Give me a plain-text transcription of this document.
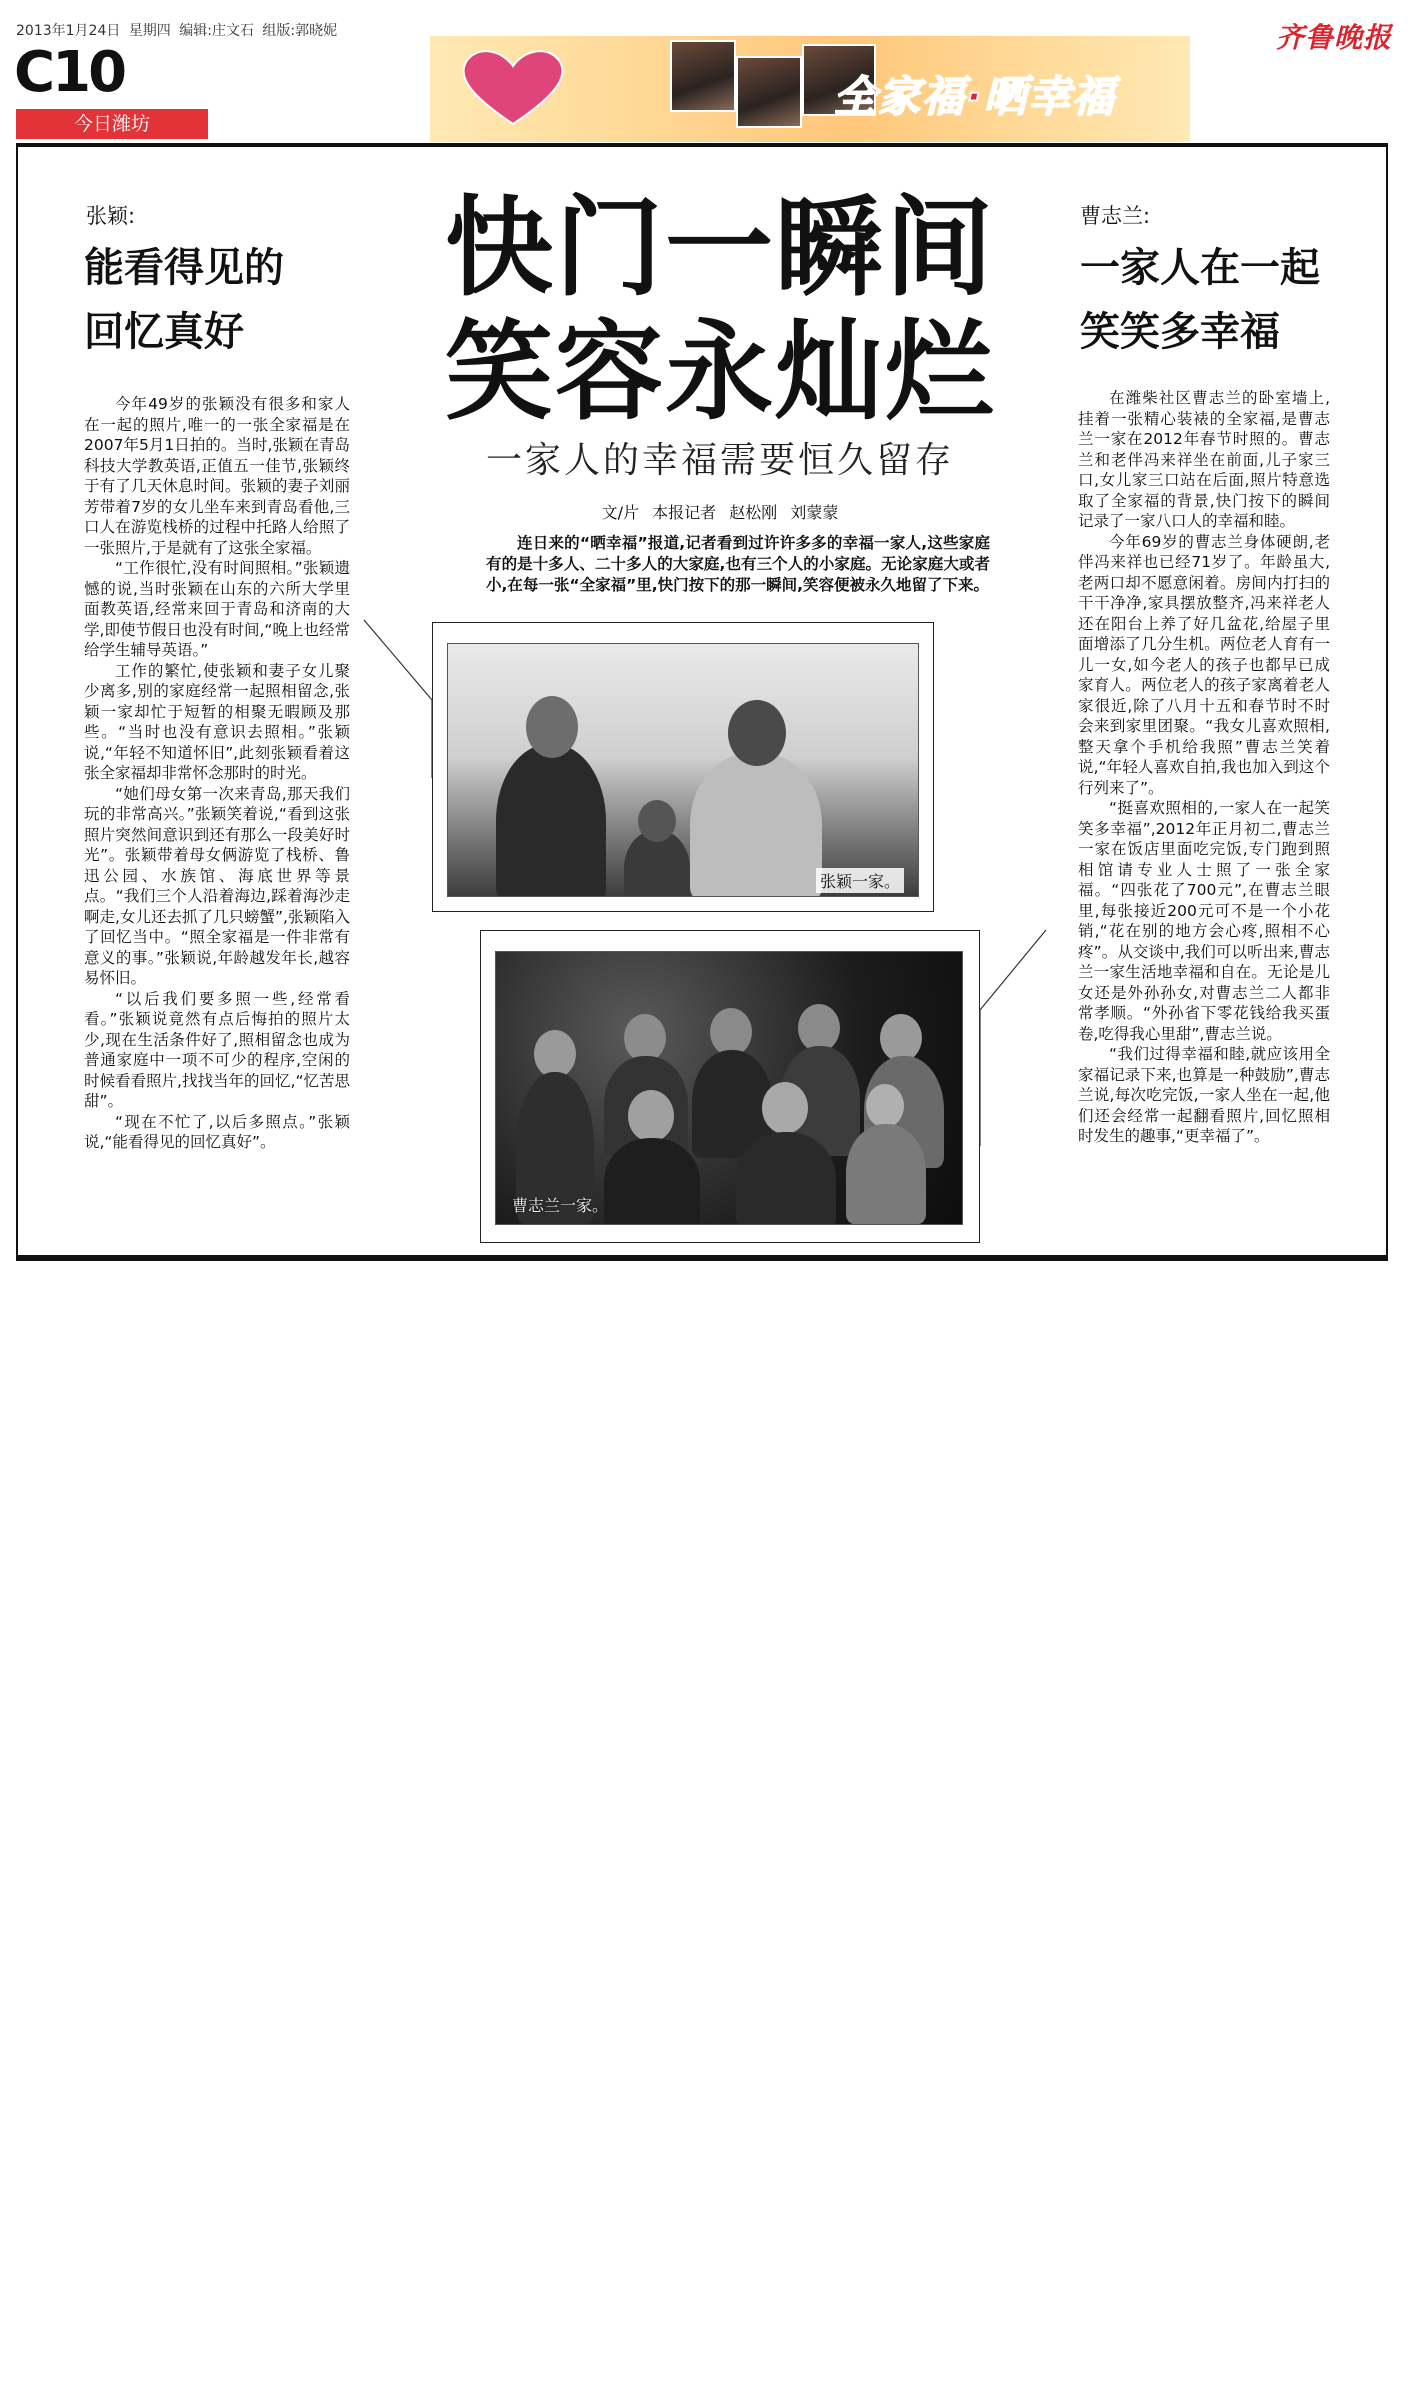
2013年1月24日 星期四 编辑:庄文石 组版:郭晓妮	齐鲁晚报
C10
今日潍坊
全家福·晒幸福
张颖:
能看得见的
回忆真好

今年49岁的张颖没有很多和家人在一起的照片,唯一的一张全家福是在2007年5月1日拍的。当时,张颖在青岛科技大学教英语,正值五一佳节,张颖终于有了几天休息时间。张颖的妻子刘丽芳带着7岁的女儿坐车来到青岛看他,三口人在游览栈桥的过程中托路人给照了一张照片,于是就有了这张全家福。

“工作很忙,没有时间照相。”张颖遗憾的说,当时张颖在山东的六所大学里面教英语,经常来回于青岛和济南的大学,即使节假日也没有时间,“晚上也经常给学生辅导英语。”

工作的繁忙,使张颖和妻子女儿聚少离多,别的家庭经常一起照相留念,张颖一家却忙于短暂的相聚无暇顾及那些。“当时也没有意识去照相。”张颖说,“年轻不知道怀旧”,此刻张颖看着这张全家福却非常怀念那时的时光。

“她们母女第一次来青岛,那天我们玩的非常高兴。”张颖笑着说,“看到这张照片突然间意识到还有那么一段美好时光”。张颖带着母女俩游览了栈桥、鲁迅公园、水族馆、海底世界等景点。“我们三个人沿着海边,踩着海沙走啊走,女儿还去抓了几只螃蟹”,张颖陷入了回忆当中。“照全家福是一件非常有意义的事。”张颖说,年龄越发年长,越容易怀旧。

“以后我们要多照一些,经常看看。”张颖说竟然有点后悔拍的照片太少,现在生活条件好了,照相留念也成为普通家庭中一项不可少的程序,空闲的时候看看照片,找找当年的回忆,“忆苦思甜”。

“现在不忙了,以后多照点。”张颖说,“能看得见的回忆真好”。

快门一瞬间
笑容永灿烂
一家人的幸福需要恒久留存
文/片 本报记者 赵松刚 刘蒙蒙

连日来的“晒幸福”报道,记者看到过许许多多的幸福一家人,这些家庭有的是十多人、二十多人的大家庭,也有三个人的小家庭。无论家庭大或者小,在每一张“全家福”里,快门按下的那一瞬间,笑容便被永久地留了下来。

张颖一家。
曹志兰一家。
曹志兰:
一家人在一起
笑笑多幸福

在潍柴社区曹志兰的卧室墙上,挂着一张精心装裱的全家福,是曹志兰一家在2012年春节时照的。曹志兰和老伴冯来祥坐在前面,儿子家三口,女儿家三口站在后面,照片特意选取了全家福的背景,快门按下的瞬间记录了一家八口人的幸福和睦。

今年69岁的曹志兰身体硬朗,老伴冯来祥也已经71岁了。年龄虽大,老两口却不愿意闲着。房间内打扫的干干净净,家具摆放整齐,冯来祥老人还在阳台上养了好几盆花,给屋子里面增添了几分生机。两位老人育有一儿一女,如今老人的孩子也都早已成家育人。两位老人的孩子家离着老人家很近,除了八月十五和春节时不时会来到家里团聚。“我女儿喜欢照相,整天拿个手机给我照”曹志兰笑着说,“年轻人喜欢自拍,我也加入到这个行列来了”。

“挺喜欢照相的,一家人在一起笑笑多幸福”,2012年正月初二,曹志兰一家在饭店里面吃完饭,专门跑到照相馆请专业人士照了一张全家福。“四张花了700元”,在曹志兰眼里,每张接近200元可不是一个小花销,“花在别的地方会心疼,照相不心疼”。从交谈中,我们可以听出来,曹志兰一家生活地幸福和自在。无论是儿女还是外孙孙女,对曹志兰二人都非常孝顺。“外孙省下零花钱给我买蛋卷,吃得我心里甜”,曹志兰说。

“我们过得幸福和睦,就应该用全家福记录下来,也算是一种鼓励”,曹志兰说,每次吃完饭,一家人坐在一起,他们还会经常一起翻看照片,回忆照相时发生的趣事,“更幸福了”。
